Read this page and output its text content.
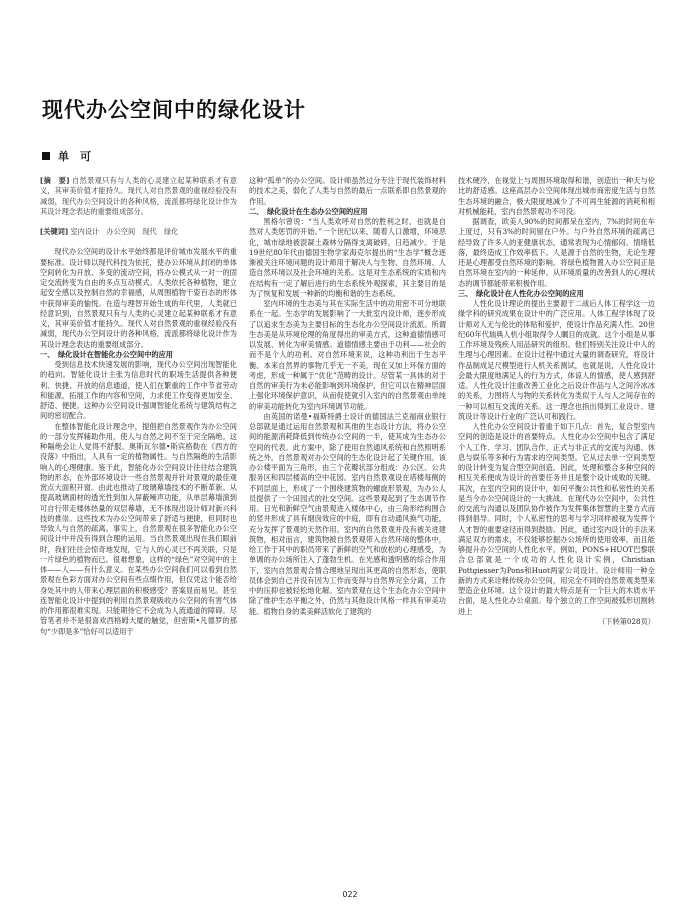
现代办公空间中的绿化设计
单　可

[摘　要] 自然景观只有与人类的心灵建立起某种联系才有意义，其审美价值才能持久。现代人对自然景观的重视经验没有减弱，现代办公空间设计的各种风格，流派都将绿化设计作为其设计理念表达的重要组成部分。

[关键词] 室内设计　办公空间　现代　绿化

现代办公空间的设计水平始终都是评价城市发展水平的重要标准。设计师以现代科技为依托，使办公环境从封闭的单体空间转化为开放、多变的流动空间，将办公模式从一对一的固定交流转变为自由的多点互动模式。人类依托各种植物，建立起安全感以及控制自然的幸福感，从周围植物干姿百态的形体中获得审美的愉悦。在造与理智开始生成的年代里，人类就已经意识到，自然景观只有与人类的心灵建立起某种联系才有意义，其审美价值才能持久。现代人对自然景观的重视经验没有减弱，现代办公空间设计的各种风格，流派都将绿化设计作为其设计理念表达的重要组成部分。

一、　绿化设计在智能化办公空间中的应用

受到信息技术快速发展的影响，现代办公空间出现智能化的趋向。智能化设计主张为信息时代的职场生活提供各种便利、快捷、开放的信息通道，使人们在繁重的工作中节省劳动和能源，拓展工作的内容和空间，力求使工作变得更加安全、舒适、便捷。这种办公空间设计强调智能化系统与建筑结构之间的密切配合。

在整体智能化设计理念中，提倡把自然景观作为办公空间的一部分发挥辅助作用，使人与自然之间不至于完全隔绝。这种隔绝会让人觉得不舒服。奥斯瓦尔德•斯宾格勒在《西方的没落》中指出，人具有一定的植物属性。与自然隔绝的生活影响人的心理健康。鉴于此，智能化办公空间设计往往结合建筑物的形态，在外部环境设计一些自然景观并针对景观的最佳观赏点大面积开窗。由此也推动了玻璃幕墙技术的不断革新。从提高玻璃面材的透光性到加入屏蔽噪声功能，从单层幕墙演到可自行带走楼体热量的双层幕墙，无不体现出设计师对新兴科技的推崇。这些技术为办公空间带来了舒适与便捷，但同时也导致人与自然的疏离。事实上，自然景观在很多智能化办公空间设计中并没有得到合理的运用。当自然景观出现在我们眼前时，我们往往会惊奇地发现，它与人的心灵已不再关联，只是一片绿色的植物而已。很难想象，这样的“绿色”对空间中的主体——人——有什么意义。在某些办公空间我们可以看到自然景观在色彩方面对办公空间有些点缀作用，但仅凭这个能否给身处其中的人带来心理层面的积极感受？答案显而易见。甚至连智能化设计中提到的利用自然景观吸收办公空间的有害气体的作用都很难实现。只能期待它不会成为人流通道的障碍。尽管笔者并不是很喜欢西格姆大厦的触觉，但密斯•凡德罗的那句“少即是多”恰好可以适用于

这种“孤单”的办公空间。设计师虽然过分专注于现代装饰材料的技术之美，弱化了人类与自然的最后一点联系即自然景观的作用。

二、　绿化设计在生态办公空间的应用

黑格尔曾说：“当人类欢呼对自然的胜利之时，也就是自然对人类惩罚的开始。”一个世纪以来，随着人口激增，环境恶化，城市绿地被混凝土森林分隔得支离破碎，日趋减少。于是19世纪80年代由德国生物学家海克尔提出的“生态学”概念逐渐被关注环境问题的设计师用于解决人与生物、自然环境、人造自然环境以及社会环境的关系。这是对生态系统的实质和内在结构有一定了解后进行的生态系统外观探索，其主要目的是为了恢复和发展一种新的均衡和谐的生态系统。

室内环境的生态美与其在实际生活中的功用密不可分地联系在一起。生态学的发展影响了一大批室内设计师，逐步形成了以追求生态美为主要目标的生态化办公空间设计流派。所谓生态美是从环境伦理的角度得出的审美方式，这种道德情感可以发展、转化为审美情感。道德情感主要由于功利——社会的而不是个人的功利。对自然环境来说，这种功利出于生态平衡。本来自然界的事物几乎无一不美，现在又加上环保方面的考虑，形成一种属于“优化”范畴的设计。尽管某一具体的对于自然的审美行为未必能影响到环境保护，但它可以在精神层面上强化环境保护意识，从而促使就引入室内的自然景观由单纯的审美功能转化为室内环境调节功能。

由英国的诺曼•福斯特爵士设计的德国法兰克福商业银行总部就是通过运用自然景观和其他的生态设计方法，将办公空间的能源消耗降低到传统办公空间的一半，使其成为生态办公空间的代表。此方案中，除了使用自然通风系统和自然照明系统之外，自然景观对办公空间的生态化设计起了关键作用。该办公楼平面为三角形，由三个花瓣状部分组成：办公区、公共服务区和四层楼高的空中花园。室内自然景观设在塔楼每侧的不同层面上，形成了一个围绕建筑物的螺旋形景观，为办公人员提供了一个田园式的社交空间。这些景观起到了生态调节作用。日光和新鲜空气由景观进入楼体中心，由三角形结构围合的竖井形成了具有烟囱效应的中庭，即有自动通风换气功能，充分发挥了景观的天然作用。室内的自然景观并没有被关进建筑物，相对而言，建筑物被自然景观带入自然环境的整体中，给工作于其中的职员带来了新鲜的空气和放松的心理感受，为单调的办公场所注入了蓬勃生机。在光感和透明感的综合作用下，室内自然景观合情合理地呈现出其更高的自然形态，使职员体会到自己并没有因为工作而变得与自然界完全分离，工作中的压抑也被轻松地化解。室内景观在这个生态化办公空间中除了维护生态平衡之外，仍然与其他设计风格一样具有审美功能。植物自身的柔美鲜活软化了建筑的

技术硬冷，在视觉上与周围环境取得和谐，创造出一种天与伦比的舒适感。这座高层办公空间体现出城市商密度生活与自然生态环境的融合，极大限度地减少了不可再生能源的消耗和相对机械能耗，室内自然景观功不可没。

据调查，欧美人90%的时间都呆在室内，7%的时间在车上度过，只有3%的时间留在户外。与户外自然环境的疏离已经导致了许多人的亚健康状态，通常表现为心情郁闷、情绪低落，最终造成工作效率低下。人是源于自然的生物，无论生理还是心理都受自然环境的影响。将绿色植物置入办公空间正是自然环境在室内的一种延伸。从环境质量的改善到人的心理状态的调节都能带来积极作用。

三、　绿化设计在人性化办公空间的应用

人性化设计理论的提出主要源于二战后人体工程学这一边缘学科的研究成果在设计中的广泛应用。人体工程学体现了设计师对人无与伦比的体贴和爱护，使设计作品充满人性。20世纪60年代瑞典人机小组取得令人瞩目的成就。这个小组是从事工作环境及残疾人用品研究的组织。他们特别关注设计中人的生理与心理因素。在设计过程中通过大量的调查研究，将设计作品制成足尺模型进行人机关系测试，也就是说，人性化设计会最大限度地满足人的行为方式，体谅人的情感，使人感到舒适。人性化设计注重改善工业化之后设计作品与人之间冷冰冰的关系，力图将人与物的关系转化为类似于人与人之间存在的一种可以相互交流的关系。这一理念也指出得到工业设计、建筑设计等设计行业的广泛认可和践行。

人性化办公空间设计着重于如下几点：首先，复合型室内空间的创造是设计的首要特点。人性化办公空间中包含了满足个人工作、学习、团队合作、正式与非正式的交流与沟通、休息与娱乐等多种行为需求的空间类型。它从过去单一空间类型的设计转变为复合型空间创造。因此，处理和整合多种空间的相互关系便成为设计的首要任务并且是整个设计成败的关键。其次，在室内空间的设计中，如何平衡公共性和私密性的关系是当今办公空间设计的一大挑战。在现代办公空间中，公共性的交流与沟通以及团队协作被作为发挥集体智慧的主要方式而得到倡导。同时，个人私密性的思考与学习同样被视为发挥个人才智的重要途径而得到鼓励。因此，通过室内设计的手法来满足双方的需求，不仅能够挖掘办公场所的使用效率，而且能够提升办公空间的人性化水平。例如，PONS+HUOT巴黎联合总部就是一个成功的人性化设计实例，Christian Pottgiesser为Pons和Huot两家公司设计。设计师用一种全新的方式来诠释传统办公空间，用完全不同的自然景观类型来塑造企业环境。这个设计的最大特点是有一个巨大的木质水平台面，是人性化办公桌面。每个独立的工作空间被弧形切割转进上

（下转第028页）

022
